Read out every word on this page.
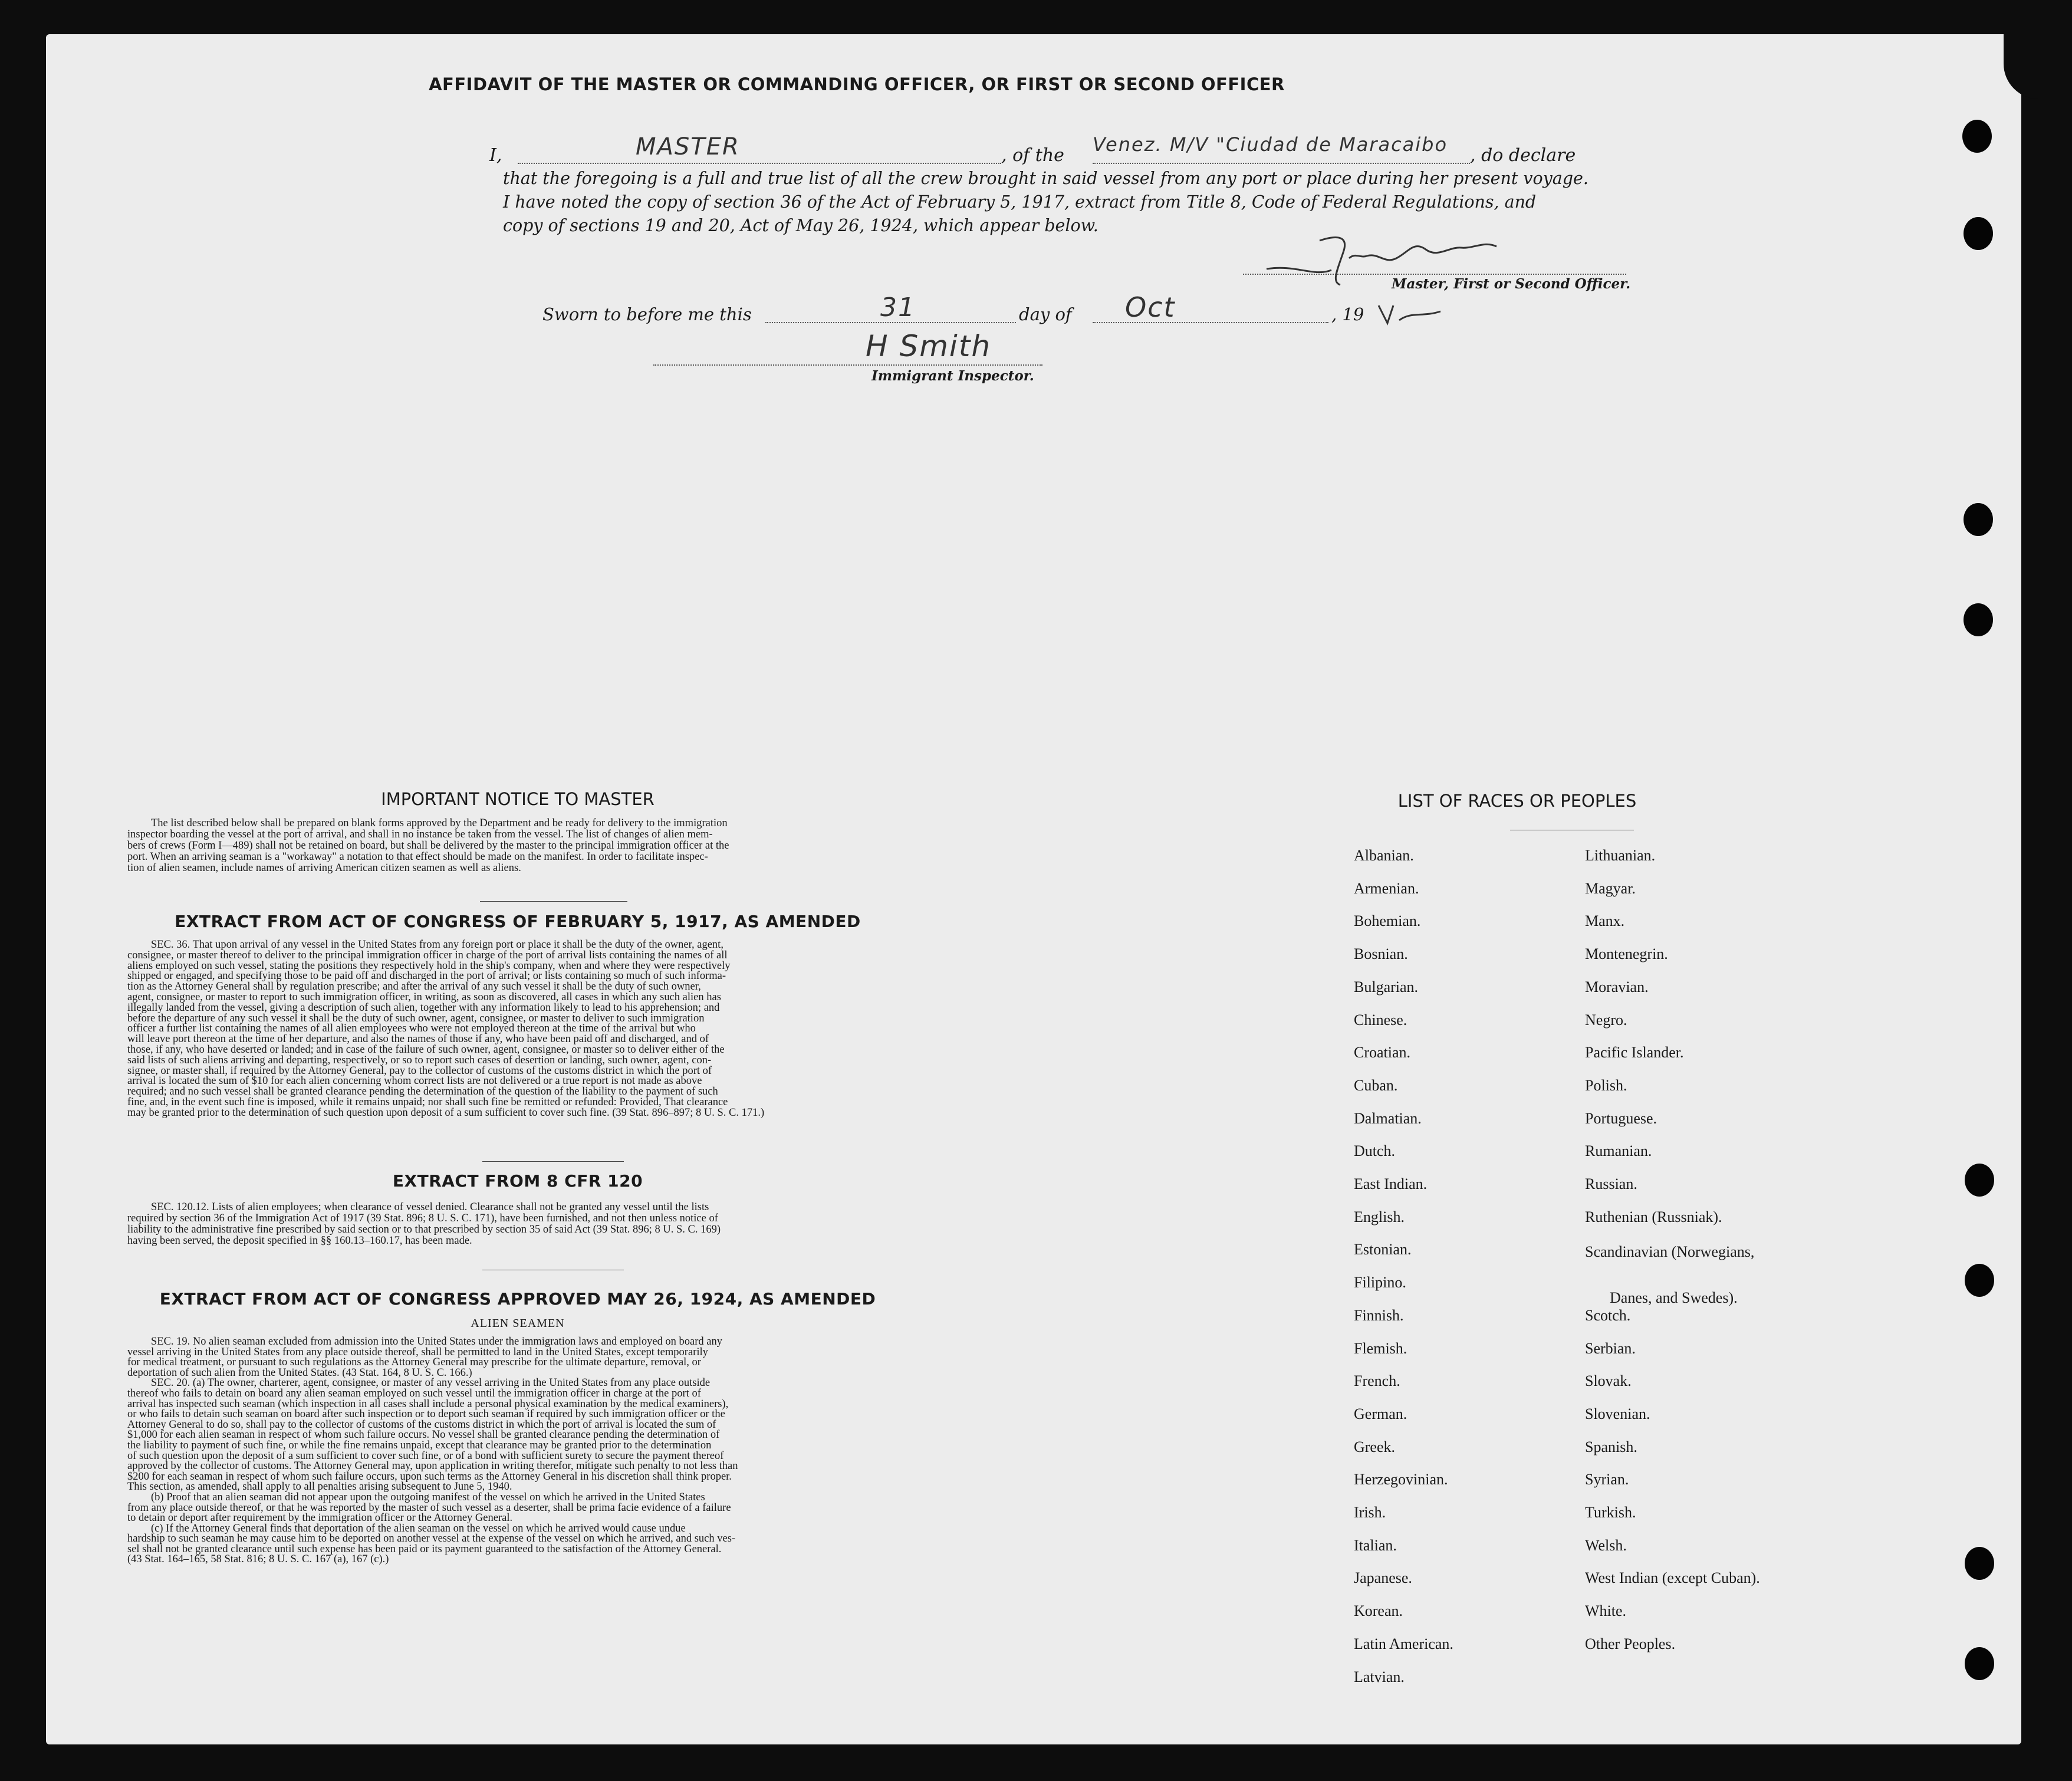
AFFIDAVIT OF THE MASTER OR COMMANDING OFFICER, OR FIRST OR SECOND OFFICER
I,	MASTER	, of the Venez. M/V "Ciudad de Maracaibo , do declare
that the foregoing is a full and true list of all the crew brought in said vessel from any port or place during her present voyage.
I have noted the copy of section 36 of the Act of February 5, 1917, extract from Title 8, Code of Federal Regulations, and
copy of sections 19 and 20, Act of May 26, 1924, which appear below.
Master, First or Second Officer.
Sworn to before me this	31	day of Oct	, 19
H Smith
Immigrant Inspector.
IMPORTANT NOTICE TO MASTER
The list described below shall be prepared on blank forms approved by the Department and be ready for delivery to the immigration
inspector boarding the vessel at the port of arrival, and shall in no instance be taken from the vessel. The list of changes of alien mem-
bers of crews (Form I—489) shall not be retained on board, but shall be delivered by the master to the principal immigration officer at the
port. When an arriving seaman is a "workaway" a notation to that effect should be made on the manifest. In order to facilitate inspec-
tion of alien seamen, include names of arriving American citizen seamen as well as aliens.
EXTRACT FROM ACT OF CONGRESS OF FEBRUARY 5, 1917, AS AMENDED
SEC. 36. That upon arrival of any vessel in the United States from any foreign port or place it shall be the duty of the owner, agent,
consignee, or master thereof to deliver to the principal immigration officer in charge of the port of arrival lists containing the names of all
aliens employed on such vessel, stating the positions they respectively hold in the ship's company, when and where they were respectively
shipped or engaged, and specifying those to be paid off and discharged in the port of arrival; or lists containing so much of such informa-
tion as the Attorney General shall by regulation prescribe; and after the arrival of any such vessel it shall be the duty of such owner,
agent, consignee, or master to report to such immigration officer, in writing, as soon as discovered, all cases in which any such alien has
illegally landed from the vessel, giving a description of such alien, together with any information likely to lead to his apprehension; and
before the departure of any such vessel it shall be the duty of such owner, agent, consignee, or master to deliver to such immigration
officer a further list containing the names of all alien employees who were not employed thereon at the time of the arrival but who
will leave port thereon at the time of her departure, and also the names of those if any, who have been paid off and discharged, and of
those, if any, who have deserted or landed; and in case of the failure of such owner, agent, consignee, or master so to deliver either of the
said lists of such aliens arriving and departing, respectively, or so to report such cases of desertion or landing, such owner, agent, con-
signee, or master shall, if required by the Attorney General, pay to the collector of customs of the customs district in which the port of
arrival is located the sum of $10 for each alien concerning whom correct lists are not delivered or a true report is not made as above
required; and no such vessel shall be granted clearance pending the determination of the question of the liability to the payment of such
fine, and, in the event such fine is imposed, while it remains unpaid; nor shall such fine be remitted or refunded: Provided, That clearance
may be granted prior to the determination of such question upon deposit of a sum sufficient to cover such fine. (39 Stat. 896–897; 8 U. S. C. 171.)
EXTRACT FROM 8 CFR 120
SEC. 120.12. Lists of alien employees; when clearance of vessel denied. Clearance shall not be granted any vessel until the lists
required by section 36 of the Immigration Act of 1917 (39 Stat. 896; 8 U. S. C. 171), have been furnished, and not then unless notice of
liability to the administrative fine prescribed by said section or to that prescribed by section 35 of said Act (39 Stat. 896; 8 U. S. C. 169)
having been served, the deposit specified in §§ 160.13–160.17, has been made.
EXTRACT FROM ACT OF CONGRESS APPROVED MAY 26, 1924, AS AMENDED
ALIEN SEAMEN
SEC. 19. No alien seaman excluded from admission into the United States under the immigration laws and employed on board any
vessel arriving in the United States from any place outside thereof, shall be permitted to land in the United States, except temporarily
for medical treatment, or pursuant to such regulations as the Attorney General may prescribe for the ultimate departure, removal, or
deportation of such alien from the United States. (43 Stat. 164, 8 U. S. C. 166.)
SEC. 20. (a) The owner, charterer, agent, consignee, or master of any vessel arriving in the United States from any place outside
thereof who fails to detain on board any alien seaman employed on such vessel until the immigration officer in charge at the port of
arrival has inspected such seaman (which inspection in all cases shall include a personal physical examination by the medical examiners),
or who fails to detain such seaman on board after such inspection or to deport such seaman if required by such immigration officer or the
Attorney General to do so, shall pay to the collector of customs of the customs district in which the port of arrival is located the sum of
$1,000 for each alien seaman in respect of whom such failure occurs. No vessel shall be granted clearance pending the determination of
the liability to payment of such fine, or while the fine remains unpaid, except that clearance may be granted prior to the determination
of such question upon the deposit of a sum sufficient to cover such fine, or of a bond with sufficient surety to secure the payment thereof
approved by the collector of customs. The Attorney General may, upon application in writing therefor, mitigate such penalty to not less than
$200 for each seaman in respect of whom such failure occurs, upon such terms as the Attorney General in his discretion shall think proper.
This section, as amended, shall apply to all penalties arising subsequent to June 5, 1940.
(b) Proof that an alien seaman did not appear upon the outgoing manifest of the vessel on which he arrived in the United States
from any place outside thereof, or that he was reported by the master of such vessel as a deserter, shall be prima facie evidence of a failure
to detain or deport after requirement by the immigration officer or the Attorney General.
(c) If the Attorney General finds that deportation of the alien seaman on the vessel on which he arrived would cause undue
hardship to such seaman he may cause him to be deported on another vessel at the expense of the vessel on which he arrived, and such ves-
sel shall not be granted clearance until such expense has been paid or its payment guaranteed to the satisfaction of the Attorney General.
(43 Stat. 164–165, 58 Stat. 816; 8 U. S. C. 167 (a), 167 (c).)
LIST OF RACES OR PEOPLES
Albanian.
Armenian.
Bohemian.
Bosnian.
Bulgarian.
Chinese.
Croatian.
Cuban.
Dalmatian.
Dutch.
East Indian.
English.
Estonian.
Filipino.
Finnish.
Flemish.
French.
German.
Greek.
Herzegovinian.
Irish.
Italian.
Japanese.
Korean.
Latin American.
Latvian.
Lithuanian.
Magyar.
Manx.
Montenegrin.
Moravian.
Negro.
Pacific Islander.
Polish.
Portuguese.
Rumanian.
Russian.
Ruthenian (Russniak).
Scandinavian (Norwegians,
Danes, and Swedes).
Scotch.
Serbian.
Slovak.
Slovenian.
Spanish.
Syrian.
Turkish.
Welsh.
West Indian (except Cuban).
White.
Other Peoples.
